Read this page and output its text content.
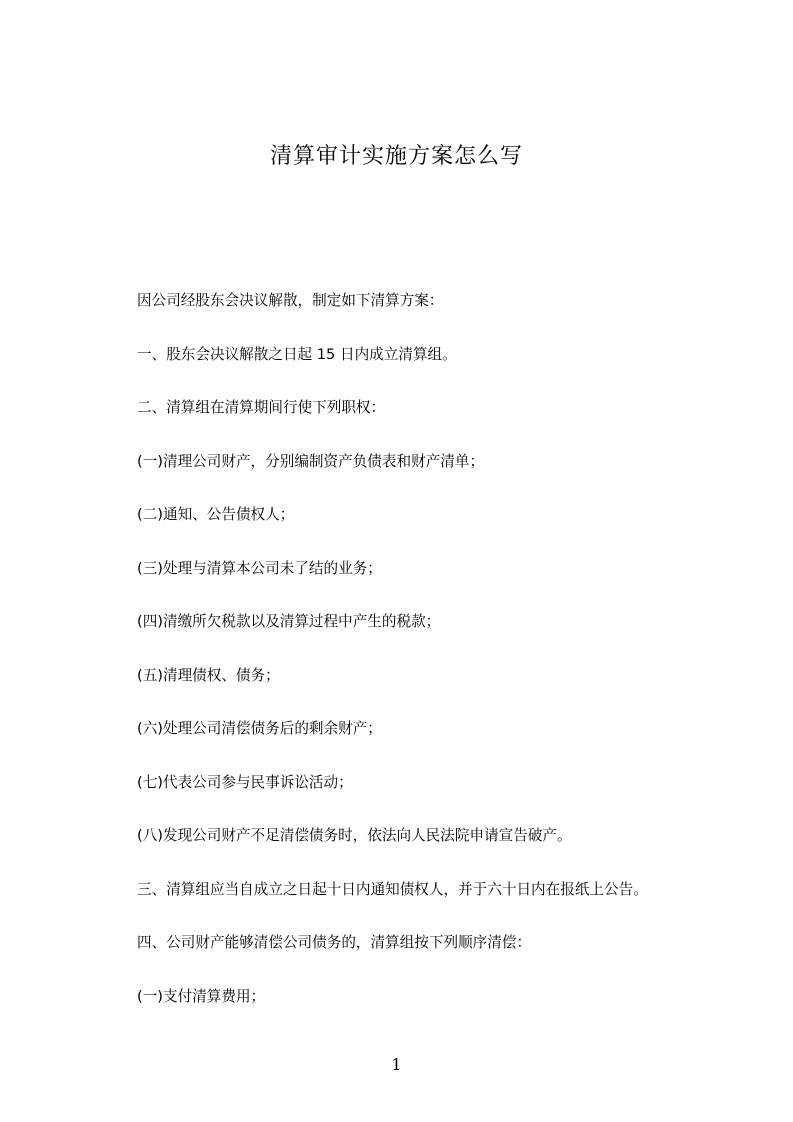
清算审计实施方案怎么写
因公司经股东会决议解散，制定如下清算方案：
一、股东会决议解散之日起 15 日内成立清算组。
二、清算组在清算期间行使下列职权：
(一)清理公司财产，分别编制资产负债表和财产清单；
(二)通知、公告债权人；
(三)处理与清算本公司未了结的业务；
(四)清缴所欠税款以及清算过程中产生的税款；
(五)清理债权、债务；
(六)处理公司清偿债务后的剩余财产；
(七)代表公司参与民事诉讼活动；
(八)发现公司财产不足清偿债务时，依法向人民法院申请宣告破产。
三、清算组应当自成立之日起十日内通知债权人，并于六十日内在报纸上公告。
四、公司财产能够清偿公司债务的，清算组按下列顺序清偿：
(一)支付清算费用；
1
